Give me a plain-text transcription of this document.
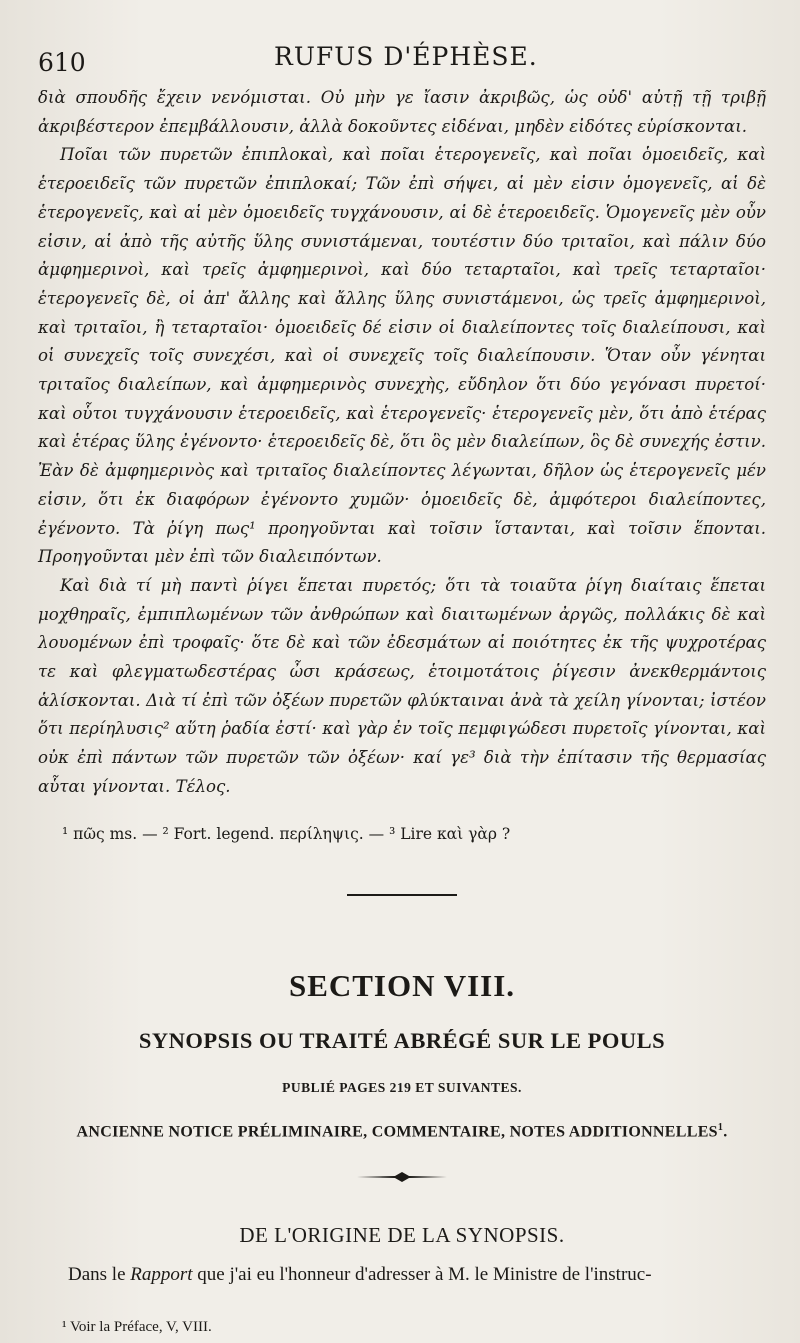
610	RUFUS D'ÉPHÈSE.

διὰ σπουδῆς ἔχειν νενόμισται. Οὐ μὴν γε ἴασιν ἀκριβῶς, ὡς οὐδ' αὐτῇ τῇ τριβῇ ἀκριβέστερον ἐπεμβάλλουσιν, ἀλλὰ δοκοῦντες εἰδέναι, μηδὲν εἰδότες εὑρίσκονται.

Ποῖαι τῶν πυρετῶν ἐπιπλοκαὶ, καὶ ποῖαι ἑτερογενεῖς, καὶ ποῖαι ὁμοειδεῖς, καὶ ἑτεροειδεῖς τῶν πυρετῶν ἐπιπλοκαί; Τῶν ἐπὶ σήψει, αἱ μὲν εἰσιν ὁμογενεῖς, αἱ δὲ ἑτερογενεῖς, καὶ αἱ μὲν ὁμοειδεῖς τυγχάνουσιν, αἱ δὲ ἑτεροειδεῖς. Ὁμογενεῖς μὲν οὖν εἰσιν, αἱ ἀπὸ τῆς αὐτῆς ὕλης συνιστάμεναι, τουτέστιν δύο τριταῖοι, καὶ πάλιν δύο ἀμφημερινοὶ, καὶ τρεῖς ἀμφημερινοὶ, καὶ δύο τεταρταῖοι, καὶ τρεῖς τεταρταῖοι· ἑτερογενεῖς δὲ, οἱ ἀπ' ἄλλης καὶ ἄλλης ὕλης συνιστάμενοι, ὡς τρεῖς ἀμφημερινοὶ, καὶ τριταῖοι, ἢ τεταρταῖοι· ὁμοειδεῖς δέ εἰσιν οἱ διαλείποντες τοῖς διαλείπουσι, καὶ οἱ συνεχεῖς τοῖς συνεχέσι, καὶ οἱ συνεχεῖς τοῖς διαλείπουσιν. Ὅταν οὖν γένηται τριταῖος διαλείπων, καὶ ἀμφημερινὸς συνεχὴς, εὔδηλον ὅτι δύο γεγόνασι πυρετοί· καὶ οὗτοι τυγχάνουσιν ἑτεροειδεῖς, καὶ ἑτερογενεῖς· ἑτερογενεῖς μὲν, ὅτι ἀπὸ ἑτέρας καὶ ἑτέρας ὕλης ἐγένοντο· ἑτεροειδεῖς δὲ, ὅτι ὃς μὲν διαλείπων, ὃς δὲ συνεχής ἐστιν. Ἐὰν δὲ ἀμφημερινὸς καὶ τριταῖος διαλείποντες λέγωνται, δῆλον ὡς ἑτερογενεῖς μέν εἰσιν, ὅτι ἐκ διαφόρων ἐγένοντο χυμῶν· ὁμοειδεῖς δὲ, ἀμφότεροι διαλείποντες, ἐγένοντο. Τὰ ῥίγη πως¹ προηγοῦνται καὶ τοῖσιν ἵστανται, καὶ τοῖσιν ἕπονται. Προηγοῦνται μὲν ἐπὶ τῶν διαλειπόντων.

Καὶ διὰ τί μὴ παντὶ ῥίγει ἕπεται πυρετός; ὅτι τὰ τοιαῦτα ῥίγη διαίταις ἕπεται μοχθηραῖς, ἐμπιπλωμένων τῶν ἀνθρώπων καὶ διαιτωμένων ἀργῶς, πολλάκις δὲ καὶ λουομένων ἐπὶ τροφαῖς· ὅτε δὲ καὶ τῶν ἐδεσμάτων αἱ ποιότητες ἐκ τῆς ψυχροτέρας τε καὶ φλεγματωδεστέρας ὦσι κράσεως, ἑτοιμοτάτοις ῥίγεσιν ἀνεκθερμάντοις ἁλίσκονται. Διὰ τί ἐπὶ τῶν ὀξέων πυρετῶν φλύκταιναι ἀνὰ τὰ χείλη γίνονται; ἰστέον ὅτι περίηλυσις² αὕτη ῥαδία ἐστί· καὶ γὰρ ἐν τοῖς πεμφιγώδεσι πυρετοῖς γίνονται, καὶ οὐκ ἐπὶ πάντων τῶν πυρετῶν τῶν ὀξέων· καί γε³ διὰ τὴν ἐπίτασιν τῆς θερμασίας αὗται γίνονται. Τέλος.

¹ πῶς ms. — ² Fort. legend. περίληψις. — ³ Lire καὶ γὰρ ?
SECTION VIII.
SYNOPSIS OU TRAITÉ ABRÉGÉ SUR LE POULS
PUBLIÉ PAGES 219 ET SUIVANTES.
ANCIENNE NOTICE PRÉLIMINAIRE, COMMENTAIRE, NOTES ADDITIONNELLES$^1$.
DE L'ORIGINE DE LA SYNOPSIS.
Dans le Rapport que j'ai eu l'honneur d'adresser à M. le Ministre de l'instruc-
¹ Voir la Préface, V, VIII.
